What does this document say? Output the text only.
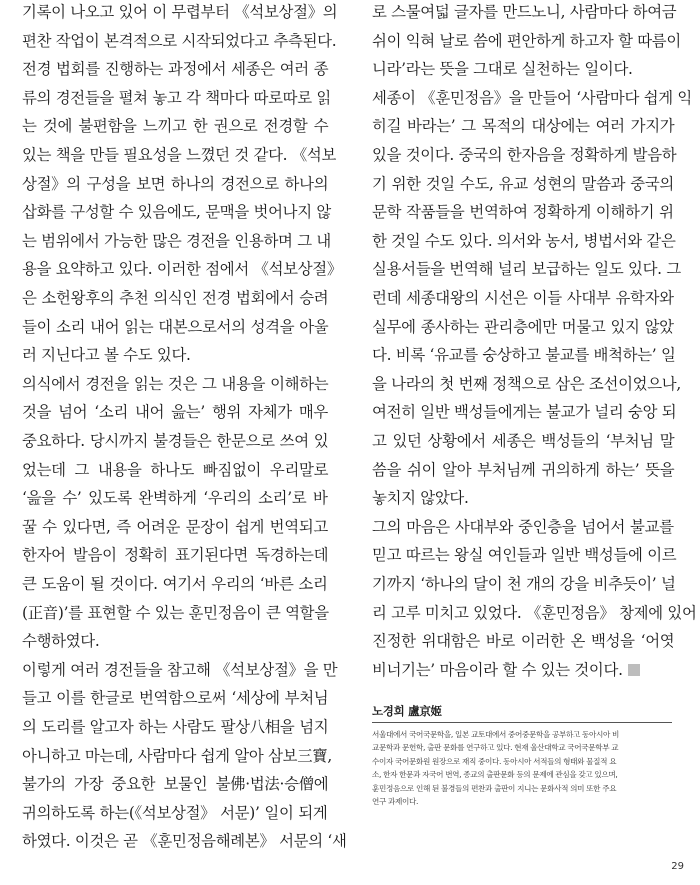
기록이 나오고 있어 이 무렵부터 《석보상절》의
편찬 작업이 본격적으로 시작되었다고 추측된다.
전경 법회를 진행하는 과정에서 세종은 여러 종
류의 경전들을 펼쳐 놓고 각 책마다 따로따로 읽
는 것에 불편함을 느끼고 한 권으로 전경할 수
있는 책을 만들 필요성을 느꼈던 것 같다. 《석보
상절》의 구성을 보면 하나의 경전으로 하나의
삽화를 구성할 수 있음에도, 문맥을 벗어나지 않
는 범위에서 가능한 많은 경전을 인용하며 그 내
용을 요약하고 있다. 이러한 점에서 《석보상절》
은 소헌왕후의 추천 의식인 전경 법회에서 승려
들이 소리 내어 읽는 대본으로서의 성격을 아울
러 지닌다고 볼 수도 있다.
의식에서 경전을 읽는 것은 그 내용을 이해하는
것을 넘어 ‘소리 내어 읊는’ 행위 자체가 매우
중요하다. 당시까지 불경들은 한문으로 쓰여 있
었는데 그 내용을 하나도 빠짐없이 우리말로
‘읊을 수’ 있도록 완벽하게 ‘우리의 소리’로 바
꿀 수 있다면, 즉 어려운 문장이 쉽게 번역되고
한자어 발음이 정확히 표기된다면 독경하는데
큰 도움이 될 것이다. 여기서 우리의 ‘바른 소리
(正音)’를 표현할 수 있는 훈민정음이 큰 역할을
수행하였다.
이렇게 여러 경전들을 참고해 《석보상절》을 만
들고 이를 한글로 번역함으로써 ‘세상에 부처님
의 도리를 알고자 하는 사람도 팔상八相을 넘지
아니하고 마는데, 사람마다 쉽게 알아 삼보三寶,
불가의 가장 중요한 보물인 불佛·법法·승僧에
귀의하도록 하는(《석보상절》 서문)’ 일이 되게
하였다. 이것은 곧 《훈민정음해례본》 서문의 ‘새
로 스물여덟 글자를 만드노니, 사람마다 하여금
쉬이 익혀 날로 씀에 편안하게 하고자 할 따름이
니라’라는 뜻을 그대로 실천하는 일이다.
세종이 《훈민정음》을 만들어 ‘사람마다 쉽게 익
히길 바라는’ 그 목적의 대상에는 여러 가지가
있을 것이다. 중국의 한자음을 정확하게 발음하
기 위한 것일 수도, 유교 성현의 말씀과 중국의
문학 작품들을 번역하여 정확하게 이해하기 위
한 것일 수도 있다. 의서와 농서, 병법서와 같은
실용서들을 번역해 널리 보급하는 일도 있다. 그
런데 세종대왕의 시선은 이들 사대부 유학자와
실무에 종사하는 관리층에만 머물고 있지 않았
다. 비록 ‘유교를 숭상하고 불교를 배척하는’ 일
을 나라의 첫 번째 정책으로 삼은 조선이었으나,
여전히 일반 백성들에게는 불교가 널리 숭앙 되
고 있던 상황에서 세종은 백성들의 ‘부처님 말
씀을 쉬이 알아 부처님께 귀의하게 하는’ 뜻을
놓치지 않았다.
그의 마음은 사대부와 중인층을 넘어서 불교를
믿고 따르는 왕실 여인들과 일반 백성들에 이르
기까지 ‘하나의 달이 천 개의 강을 비추듯이’ 널
리 고루 미치고 있었다. 《훈민정음》 창제에 있어
진정한 위대함은 바로 이러한 온 백성을 ‘어엿
비너기는’ 마음이라 할 수 있는 것이다.
노경희 盧京姬
서울대에서 국어국문학을, 일본 교토대에서 중어중문학을 공부하고 동아시아 비
교문학과 문헌학, 출판 문화를 연구하고 있다. 현재 울산대학교 국어국문학부 교
수이자 국어문화원 원장으로 재직 중이다. 동아시아 서적들의 형태와 물질적 요
소, 한자 한문과 자국어 번역, 종교의 출판문화 등의 문제에 관심을 갖고 있으며,
훈민정음으로 인해 된 불경들의 편찬과 출판이 지니는 문화사적 의미 또한 주요
연구 과제이다.
29
